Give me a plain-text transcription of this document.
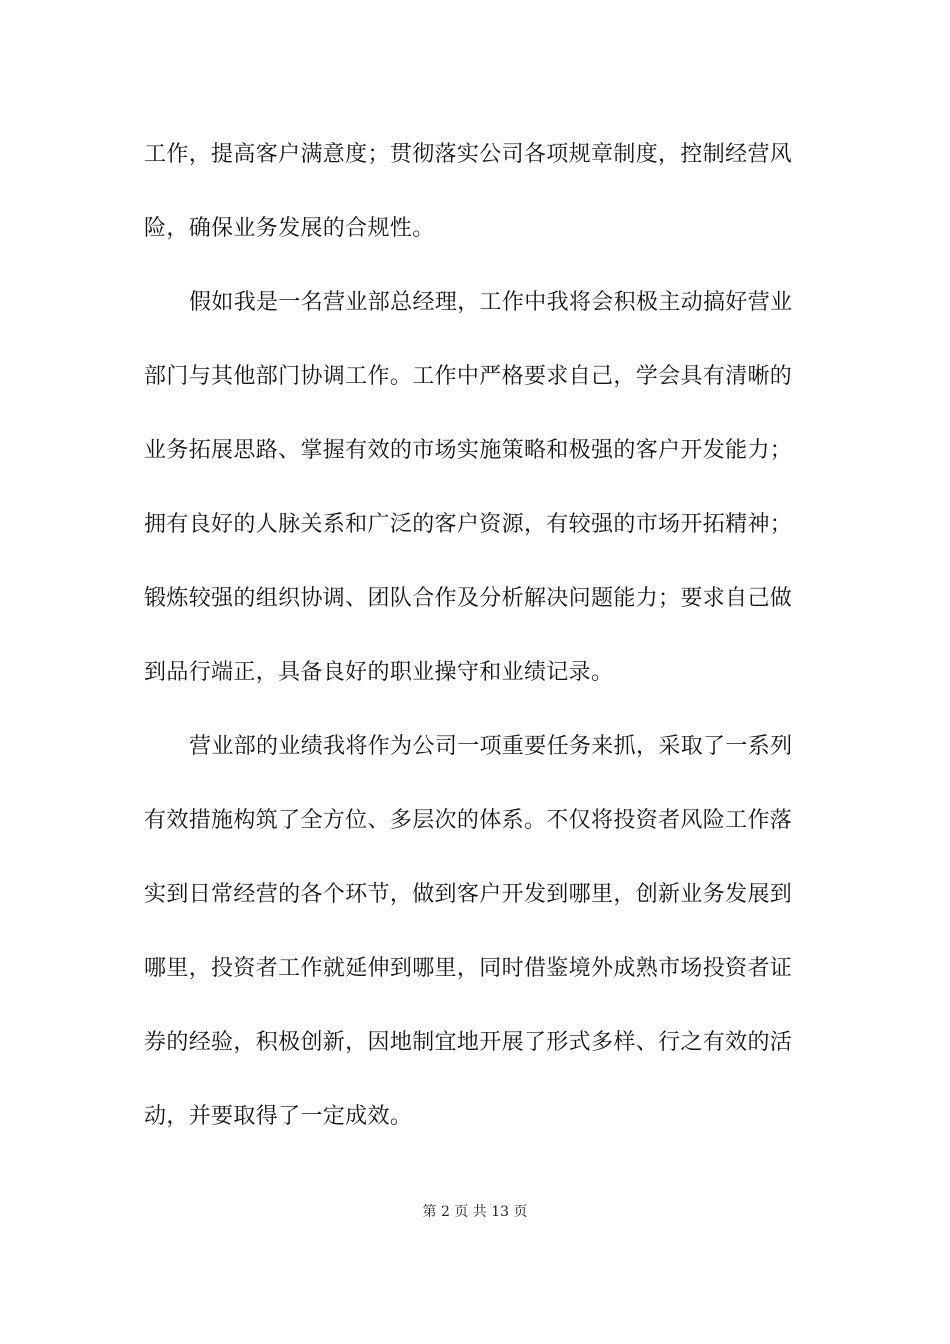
工作，提高客户满意度；贯彻落实公司各项规章制度，控制经营风
险，确保业务发展的合规性。
假如我是一名营业部总经理，工作中我将会积极主动搞好营业
部门与其他部门协调工作。工作中严格要求自己，学会具有清晰的
业务拓展思路、掌握有效的市场实施策略和极强的客户开发能力；
拥有良好的人脉关系和广泛的客户资源，有较强的市场开拓精神；
锻炼较强的组织协调、团队合作及分析解决问题能力；要求自己做
到品行端正，具备良好的职业操守和业绩记录。
营业部的业绩我将作为公司一项重要任务来抓，采取了一系列
有效措施构筑了全方位、多层次的体系。不仅将投资者风险工作落
实到日常经营的各个环节，做到客户开发到哪里，创新业务发展到
哪里，投资者工作就延伸到哪里，同时借鉴境外成熟市场投资者证
券的经验，积极创新，因地制宜地开展了形式多样、行之有效的活
动，并要取得了一定成效。
第 2 页 共 13 页
